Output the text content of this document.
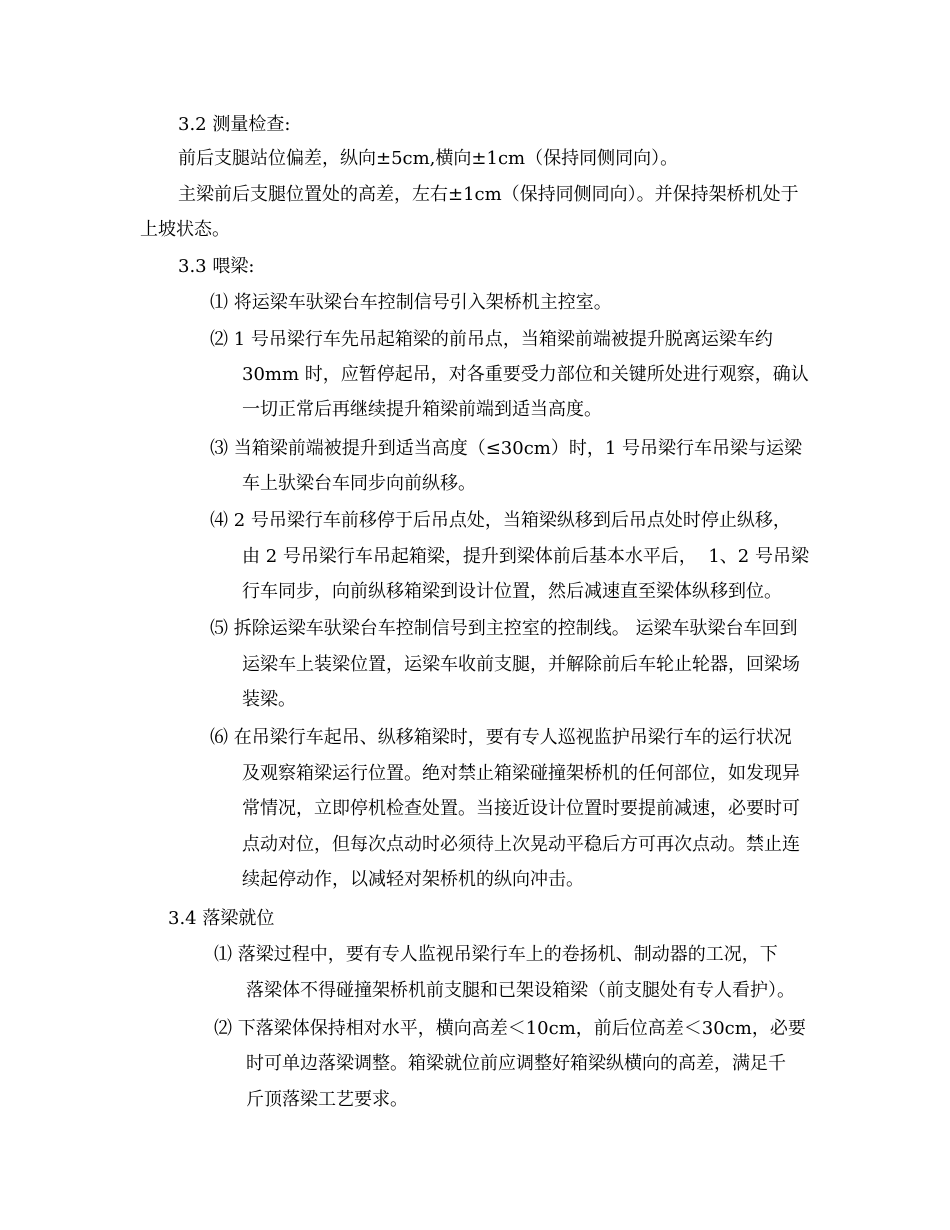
3.2 测量检查:

前后支腿站位偏差，纵向±5cm,横向±1cm（保持同侧同向）。

主梁前后支腿位置处的高差，左右±1cm（保持同侧同向）。并保持架桥机处于

上坡状态。

3.3 喂梁:

⑴ 将运梁车驮梁台车控制信号引入架桥机主控室。

⑵ 1 号吊梁行车先吊起箱梁的前吊点，当箱梁前端被提升脱离运梁车约

30mm 时，应暂停起吊，对各重要受力部位和关键所处进行观察，确认

一切正常后再继续提升箱梁前端到适当高度。

⑶ 当箱梁前端被提升到适当高度（≤30cm）时，1 号吊梁行车吊梁与运梁

车上驮梁台车同步向前纵移。

⑷ 2 号吊梁行车前移停于后吊点处，当箱梁纵移到后吊点处时停止纵移，

由 2 号吊梁行车吊起箱梁，提升到梁体前后基本水平后，  1、2 号吊梁

行车同步，向前纵移箱梁到设计位置，然后减速直至梁体纵移到位。

⑸ 拆除运梁车驮梁台车控制信号到主控室的控制线。 运梁车驮梁台车回到

运梁车上装梁位置，运梁车收前支腿，并解除前后车轮止轮器，回梁场

装梁。

⑹ 在吊梁行车起吊、纵移箱梁时，要有专人巡视监护吊梁行车的运行状况

及观察箱梁运行位置。绝对禁止箱梁碰撞架桥机的任何部位，如发现异

常情况，立即停机检查处置。当接近设计位置时要提前减速，必要时可

点动对位，但每次点动时必须待上次晃动平稳后方可再次点动。禁止连

续起停动作，以减轻对架桥机的纵向冲击。

3.4 落梁就位

⑴ 落梁过程中，要有专人监视吊梁行车上的卷扬机、制动器的工况，下

落梁体不得碰撞架桥机前支腿和已架设箱梁（前支腿处有专人看护）。

⑵ 下落梁体保持相对水平，横向高差＜10cm，前后位高差＜30cm，必要

时可单边落梁调整。箱梁就位前应调整好箱梁纵横向的高差，满足千

斤顶落梁工艺要求。
